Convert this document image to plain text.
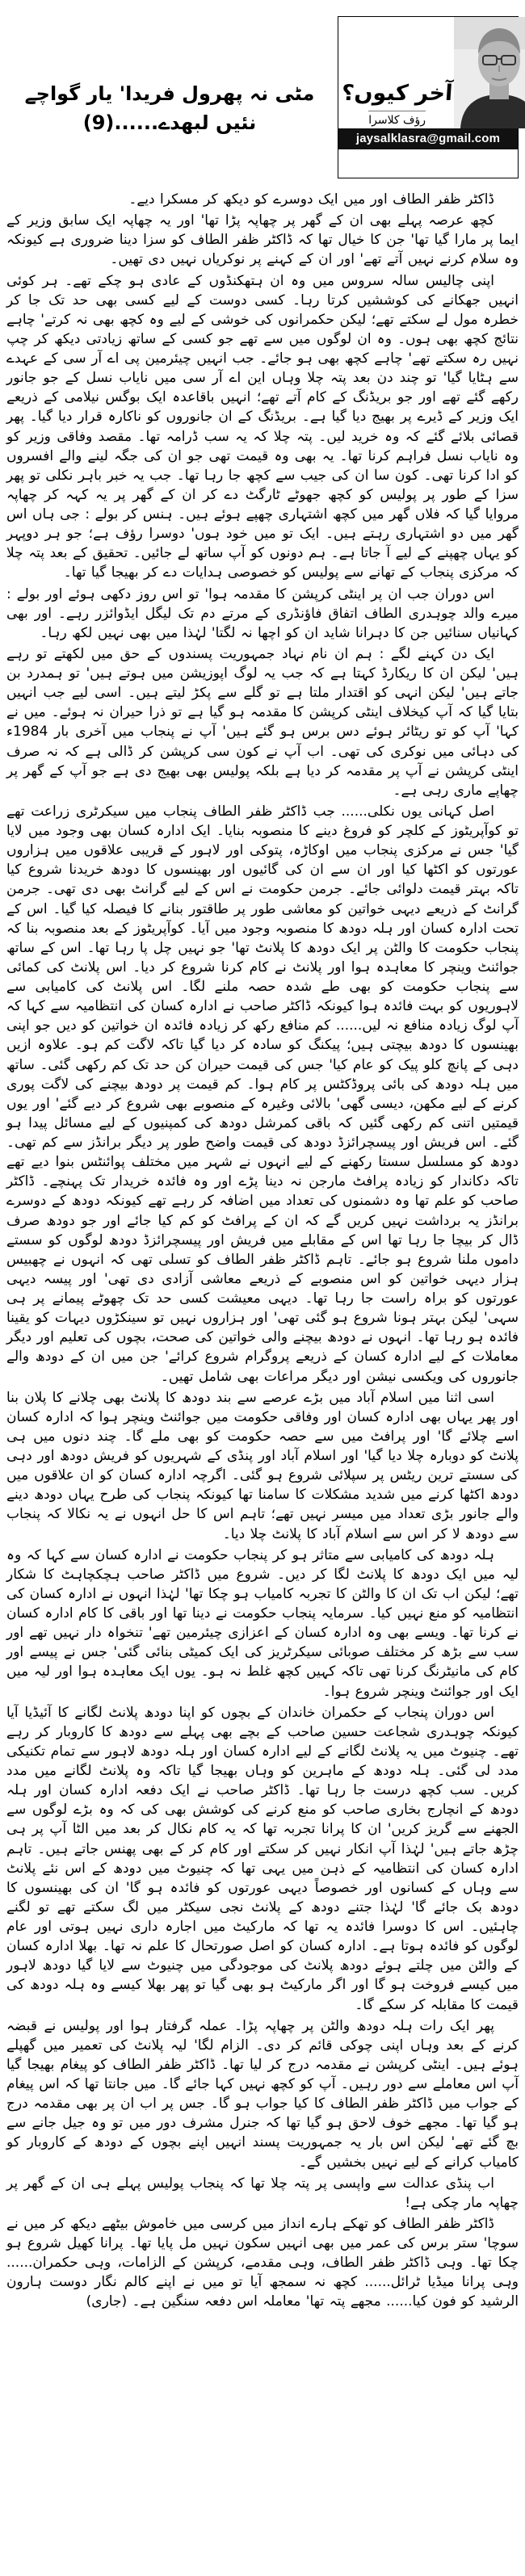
مٹی نہ پھرول فریدا' یار گواچے نئیں لبھدے......(9)
آخر کیوں؟
رؤف کلاسرا
jaysalklasra@gmail.com

ڈاکٹر ظفر الطاف اور میں ایک دوسرے کو دیکھ کر مسکرا دیے۔

کچھ عرصہ پہلے بھی ان کے گھر پر چھاپہ پڑا تھا' اور یہ چھاپہ ایک سابق وزیر کے ایما پر مارا گیا تھا' جن کا خیال تھا کہ ڈاکٹر ظفر الطاف کو سزا دینا ضروری ہے کیونکہ وہ سلام کرنے نہیں آتے تھے' اور ان کے کہنے پر نوکریاں نہیں دی تھیں۔

اپنی چالیس سالہ سروس میں وہ ان ہتھکنڈوں کے عادی ہو چکے تھے۔ ہر کوئی انہیں جھکانے کی کوششیں کرتا رہا۔ کسی دوست کے لیے کسی بھی حد تک جا کر خطرہ مول لے سکتے تھے؛ لیکن حکمرانوں کی خوشی کے لیے وہ کچھ بھی نہ کرتے' چاہے نتائج کچھ بھی ہوں۔ وہ ان لوگوں میں سے تھے جو کسی کے ساتھ زیادتی دیکھ کر چپ نہیں رہ سکتے تھے' چاہے کچھ بھی ہو جائے۔ جب انہیں چیئرمین پی اے آر سی کے عہدے سے ہٹایا گیا' تو چند دن بعد پتہ چلا وہاں این اے آر سی میں نایاب نسل کے جو جانور رکھے گئے تھے اور جو بریڈنگ کے کام آتے تھے؛ انہیں باقاعدہ ایک بوگس نیلامی کے ذریعے ایک وزیر کے ڈیرے پر بھیج دیا گیا ہے۔ بریڈنگ کے ان جانوروں کو ناکارہ قرار دیا گیا۔ پھر قصائی بلائے گئے کہ وہ خرید لیں۔ پتہ چلا کہ یہ سب ڈرامہ تھا۔ مقصد وفاقی وزیر کو وہ نایاب نسل فراہم کرنا تھا۔ یہ بھی وہ قیمت تھی جو ان کی جگہ لینے والے افسروں کو ادا کرنا تھی۔ کون سا ان کی جیب سے کچھ جا رہا تھا۔ جب یہ خبر باہر نکلی تو پھر سزا کے طور پر پولیس کو کچھ جھوٹے ٹارگٹ دے کر ان کے گھر پر یہ کہہ کر چھاپہ مروایا گیا کہ فلاں گھر میں کچھ اشتہاری چھپے ہوئے ہیں۔ ہنس کر بولے : جی ہاں اس گھر میں دو اشتہاری رہتے ہیں۔ ایک تو میں خود ہوں' دوسرا رؤف ہے؛ جو ہر دوپہر کو یہاں چھپنے کے لیے آ جاتا ہے۔ ہم دونوں کو آپ ساتھ لے جائیں۔ تحقیق کے بعد پتہ چلا کہ مرکزی پنجاب کے تھانے سے پولیس کو خصوصی ہدایات دے کر بھیجا گیا تھا۔

اس دوران جب ان پر اینٹی کرپشن کا مقدمہ ہوا' تو اس روز دکھی ہوئے اور بولے : میرے والد چوہدری الطاف اتفاق فاؤنڈری کے مرتے دم تک لیگل ایڈوائزر رہے۔ اور بھی کہانیاں سنائیں جن کا دہرانا شاید ان کو اچھا نہ لگتا' لہٰذا میں بھی نہیں لکھ رہا۔

ایک دن کہنے لگے : ہم ان نام نہاد جمہوریت پسندوں کے حق میں لکھتے تو رہے ہیں' لیکن ان کا ریکارڈ کہتا ہے کہ جب یہ لوگ اپوزیشن میں ہوتے ہیں' تو ہمدرد بن جاتے ہیں' لیکن انہی کو اقتدار ملتا ہے تو گلے سے پکڑ لیتے ہیں۔ اسی لیے جب انہیں بتایا گیا کہ آپ کیخلاف اینٹی کرپشن کا مقدمہ ہو گیا ہے تو ذرا حیران نہ ہوئے۔ میں نے کہا' آپ کو تو ریٹائر ہوئے دس برس ہو گئے ہیں' آپ نے پنجاب میں آخری بار 1984ء کی دہائی میں نوکری کی تھی۔ اب آپ نے کون سی کرپشن کر ڈالی ہے کہ نہ صرف اینٹی کرپشن نے آپ پر مقدمہ کر دیا ہے بلکہ پولیس بھی بھیج دی ہے جو آپ کے گھر پر چھاپے ماری رہی ہے۔

اصل کہانی یوں نکلی...... جب ڈاکٹر ظفر الطاف پنجاب میں سیکرٹری زراعت تھے تو کوآپریٹوز کے کلچر کو فروغ دینے کا منصوبہ بنایا۔ ایک ادارہ کسان بھی وجود میں لایا گیا' جس نے مرکزی پنجاب میں اوکاڑہ، پتوکی اور لاہور کے قریبی علاقوں میں ہزاروں عورتوں کو اکٹھا کیا اور ان سے ان کی گائیوں اور بھینسوں کا دودھ خریدنا شروع کیا تاکہ بہتر قیمت دلوائی جائے۔ جرمن حکومت نے اس کے لیے گرانٹ بھی دی تھی۔ جرمن گرانٹ کے ذریعے دیہی خواتین کو معاشی طور پر طاقتور بنانے کا فیصلہ کیا گیا۔ اس کے تحت ادارہ کسان اور ہلہ دودھ کا منصوبہ وجود میں آیا۔ کوآپریٹوز کے بعد منصوبہ بنا کہ پنجاب حکومت کا والٹن پر ایک دودھ کا پلانٹ تھا' جو نہیں چل پا رہا تھا۔ اس کے ساتھ جوائنٹ وینچر کا معاہدہ ہوا اور پلانٹ نے کام کرنا شروع کر دیا۔ اس پلانٹ کی کمائی سے پنجاب حکومت کو بھی طے شدہ حصہ ملنے لگا۔ اس پلانٹ کی کامیابی سے لاہوریوں کو بہت فائدہ ہوا کیونکہ ڈاکٹر صاحب نے ادارہ کسان کی انتظامیہ سے کہا کہ آپ لوگ زیادہ منافع نہ لیں...... کم منافع رکھ کر زیادہ فائدہ ان خواتین کو دیں جو اپنی بھینسوں کا دودھ بیچتی ہیں؛ پیکنگ کو سادہ کر دیا گیا تاکہ لاگت کم ہو۔ علاوہ ازیں دہی کے پانچ کلو پیک کو عام کیا' جس کی قیمت حیران کن حد تک کم رکھی گئی۔ ساتھ میں ہلہ دودھ کی بائی پروڈکٹس پر کام ہوا۔ کم قیمت پر دودھ بیچنے کی لاگت پوری کرنے کے لیے مکھن، دیسی گھی' بالائی وغیرہ کے منصوبے بھی شروع کر دیے گئے' اور یوں قیمتیں اتنی کم رکھی گئیں کہ باقی کمرشل دودھ کی کمپنیوں کے لیے مسائل پیدا ہو گئے۔ اس فریش اور پیسچرائزڈ دودھ کی قیمت واضح طور پر دیگر برانڈز سے کم تھی۔ دودھ کو مسلسل سستا رکھنے کے لیے انہوں نے شہر میں مختلف پوائنٹس بنوا دیے تھے تاکہ دکاندار کو زیادہ پرافٹ مارجن نہ دینا پڑے اور وہ فائدہ خریدار تک پہنچے۔ ڈاکٹر صاحب کو علم تھا وہ دشمنوں کی تعداد میں اضافہ کر رہے تھے کیونکہ دودھ کے دوسرے برانڈز یہ برداشت نہیں کریں گے کہ ان کے پرافٹ کو کم کیا جائے اور جو دودھ صرف ڈال کر بیچا جا رہا تھا اس کے مقابلے میں فریش اور پیسچرائزڈ دودھ لوگوں کو سستے داموں ملنا شروع ہو جائے۔ تاہم ڈاکٹر ظفر الطاف کو تسلی تھی کہ انہوں نے چھبیس ہزار دیہی خواتین کو اس منصوبے کے ذریعے معاشی آزادی دی تھی' اور پیسہ دیہی عورتوں کو براہ راست جا رہا تھا۔ دیہی معیشت کسی حد تک چھوٹے پیمانے پر ہی سہی' لیکن بہتر ہونا شروع ہو گئی تھی' اور ہزاروں نہیں تو سینکڑوں دیہات کو یقینا فائدہ ہو رہا تھا۔ انہوں نے دودھ بیچنے والی خواتین کی صحت، بچوں کی تعلیم اور دیگر معاملات کے لیے ادارہ کسان کے ذریعے پروگرام شروع کرائے' جن میں ان کے دودھ والے جانوروں کی ویکسی نیشن اور دیگر مراعات بھی شامل تھیں۔

اسی اثنا میں اسلام آباد میں بڑے عرصے سے بند دودھ کا پلانٹ بھی چلانے کا پلان بنا اور پھر یہاں بھی ادارہ کسان اور وفاقی حکومت میں جوائنٹ وینچر ہوا کہ ادارہ کسان اسے چلائے گا' اور پرافٹ میں سے حصہ حکومت کو بھی ملے گا۔ چند دنوں میں ہی پلانٹ کو دوبارہ چلا دیا گیا' اور اسلام آباد اور پنڈی کے شہریوں کو فریش دودھ اور دہی کی سستے ترین ریٹس پر سپلائی شروع ہو گئی۔ اگرچہ ادارہ کسان کو ان علاقوں میں دودھ اکٹھا کرنے میں شدید مشکلات کا سامنا تھا کیونکہ پنجاب کی طرح یہاں دودھ دینے والے جانور بڑی تعداد میں میسر نہیں تھے؛ تاہم اس کا حل انہوں نے یہ نکالا کہ پنجاب سے دودھ لا کر اس سے اسلام آباد کا پلانٹ چلا دیا۔

ہلہ دودھ کی کامیابی سے متاثر ہو کر پنجاب حکومت نے ادارہ کسان سے کہا کہ وہ لیہ میں ایک دودھ کا پلانٹ لگا کر دیں۔ شروع میں ڈاکٹر صاحب ہچکچاہٹ کا شکار تھے؛ لیکن اب تک ان کا والٹن کا تجربہ کامیاب ہو چکا تھا' لہٰذا انہوں نے ادارہ کسان کی انتظامیہ کو منع نہیں کیا۔ سرمایہ پنجاب حکومت نے دینا تھا اور باقی کا کام ادارہ کسان نے کرنا تھا۔ ویسے بھی وہ ادارہ کسان کے اعزازی چیئرمین تھے' تنخواہ دار نہیں تھے اور سب سے بڑھ کر مختلف صوبائی سیکرٹریز کی ایک کمیٹی بنائی گئی' جس نے پیسے اور کام کی مانیٹرنگ کرنا تھی تاکہ کہیں کچھ غلط نہ ہو۔ یوں ایک معاہدہ ہوا اور لیہ میں ایک اور جوائنٹ وینچر شروع ہوا۔

اس دوران پنجاب کے حکمران خاندان کے بچوں کو اپنا دودھ پلانٹ لگانے کا آئیڈیا آیا کیونکہ چوہدری شجاعت حسین صاحب کے بچے بھی پہلے سے دودھ کا کاروبار کر رہے تھے۔ چنیوٹ میں یہ پلانٹ لگانے کے لیے ادارہ کسان اور ہلہ دودھ لاہور سے تمام تکنیکی مدد لی گئی۔ ہلہ دودھ کے ماہرین کو وہاں بھیجا گیا تاکہ وہ پلانٹ لگانے میں مدد کریں۔ سب کچھ درست جا رہا تھا۔ ڈاکٹر صاحب نے ایک دفعہ ادارہ کسان اور ہلہ دودھ کے انچارج بخاری صاحب کو منع کرنے کی کوشش بھی کی کہ وہ بڑے لوگوں سے الجھنے سے گریز کریں' ان کا پرانا تجربہ تھا کہ یہ کام نکال کر بعد میں الٹا آپ پر ہی چڑھ جاتے ہیں' لہٰذا آپ انکار نہیں کر سکتے اور کام کر کے بھی پھنس جاتے ہیں۔ تاہم ادارہ کسان کی انتظامیہ کے ذہن میں یہی تھا کہ چنیوٹ میں دودھ کے اس نئے پلانٹ سے وہاں کے کسانوں اور خصوصاً دیہی عورتوں کو فائدہ ہو گا' ان کی بھینسوں کا دودھ بک جائے گا' لہٰذا جتنے دودھ کے پلانٹ نجی سیکٹر میں لگ سکتے تھے تو لگنے چاہئیں۔ اس کا دوسرا فائدہ یہ تھا کہ مارکیٹ میں اجارہ داری نہیں ہوتی اور عام لوگوں کو فائدہ ہوتا ہے۔ ادارہ کسان کو اصل صورتحال کا علم نہ تھا۔ بھلا ادارہ کسان کے والٹن میں چلتے ہوئے دودھ پلانٹ کی موجودگی میں چنیوٹ سے لایا گیا دودھ لاہور میں کیسے فروخت ہو گا اور اگر مارکیٹ ہو بھی گیا تو پھر بھلا کیسے وہ ہلہ دودھ کی قیمت کا مقابلہ کر سکے گا۔

پھر ایک رات ہلہ دودھ والٹن پر چھاپہ پڑا۔ عملہ گرفتار ہوا اور پولیس نے قبضہ کرنے کے بعد وہاں اپنی چوکی قائم کر دی۔ الزام لگا' لیہ پلانٹ کی تعمیر میں گھپلے ہوئے ہیں۔ اینٹی کرپشن نے مقدمہ درج کر لیا تھا۔ ڈاکٹر ظفر الطاف کو پیغام بھیجا گیا آپ اس معاملے سے دور رہیں۔ آپ کو کچھ نہیں کہا جائے گا۔ میں جانتا تھا کہ اس پیغام کے جواب میں ڈاکٹر ظفر الطاف کا کیا جواب ہو گا۔ جس پر اب ان پر بھی مقدمہ درج ہو گیا تھا۔ مجھے خوف لاحق ہو گیا تھا کہ جنرل مشرف دور میں تو وہ جیل جانے سے بچ گئے تھے' لیکن اس بار یہ جمہوریت پسند انہیں اپنے بچوں کے دودھ کے کاروبار کو کامیاب کرانے کے لیے نہیں بخشیں گے۔

اب پنڈی عدالت سے واپسی پر پتہ چلا تھا کہ پنجاب پولیس پہلے ہی ان کے گھر پر چھاپہ مار چکی ہے!

ڈاکٹر ظفر الطاف کو تھکے ہارے انداز میں کرسی میں خاموش بیٹھے دیکھ کر میں نے سوچا' ستر برس کی عمر میں بھی انہیں سکون نہیں مل پایا تھا۔ پرانا کھیل شروع ہو چکا تھا۔ وہی ڈاکٹر ظفر الطاف، وہی مقدمے، کرپشن کے الزامات، وہی حکمران...... وہی پرانا میڈیا ٹرائل...... کچھ نہ سمجھ آیا تو میں نے اپنے کالم نگار دوست ہارون الرشید کو فون کیا...... مجھے پتہ تھا' معاملہ اس دفعہ سنگین ہے۔ (جاری)
